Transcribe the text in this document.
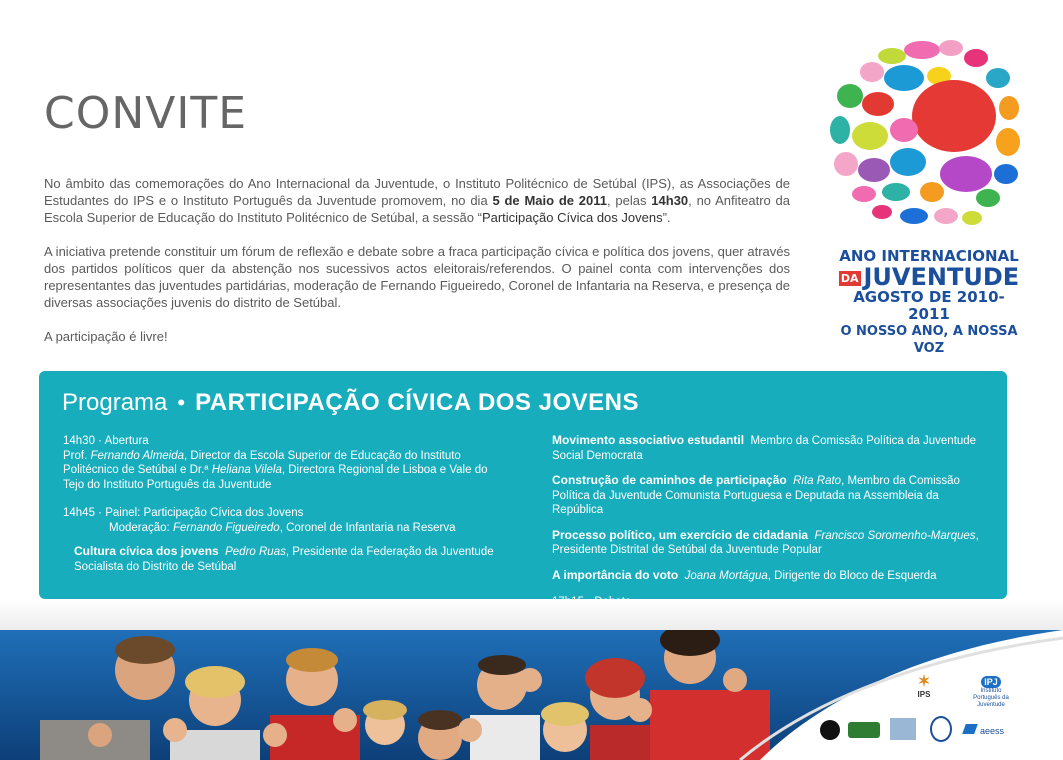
CONVITE

No âmbito das comemorações do Ano Internacional da Juventude, o Instituto Politécnico de Setúbal (IPS), as Associações de Estudantes do IPS e o Instituto Português da Juventude promovem, no dia 5 de Maio de 2011, pelas 14h30, no Anfiteatro da Escola Superior de Educação do Instituto Politécnico de Setúbal, a sessão “Participação Cívica dos Jovens”.

A iniciativa pretende constituir um fórum de reflexão e debate sobre a fraca participação cívica e política dos jovens, quer através dos partidos políticos quer da abstenção nos sucessivos actos eleitorais/referendos. O painel conta com intervenções dos representantes das juventudes partidárias, moderação de Fernando Figueiredo, Coronel de Infantaria na Reserva, e presença de diversas associações juvenis do distrito de Setúbal.

A participação é livre!

ANO INTERNACIONAL
DA JUVENTUDE
AGOSTO DE 2010-2011
O NOSSO ANO, A NOSSA VOZ
Programa • PARTICIPAÇÃO CÍVICA DOS JOVENS

14h30 · Abertura

Prof. Fernando Almeida, Director da Escola Superior de Educação do Instituto Politécnico de Setúbal e Dr.ª Heliana Vilela, Directora Regional de Lisboa e Vale do Tejo do Instituto Português da Juventude

14h45 · Painel: Participação Cívica dos Jovens

Moderação: Fernando Figueiredo, Coronel de Infantaria na Reserva

Cultura cívica dos jovens Pedro Ruas, Presidente da Federação da Juventude Socialista do Distrito de Setúbal

Movimento associativo estudantil Membro da Comissão Política da Juventude Social Democrata

Construção de caminhos de participação Rita Rato, Membro da Comissão Política da Juventude Comunista Portuguesa e Deputada na Assembleia da República

Processo político, um exercício de cidadania Francisco Soromenho-Marques, Presidente Distrital de Setúbal da Juventude Popular

A importância do voto Joana Mortágua, Dirigente do Bloco de Esquerda

✶
IPS
IPJ
Instituto Português da Juventude
aeess
